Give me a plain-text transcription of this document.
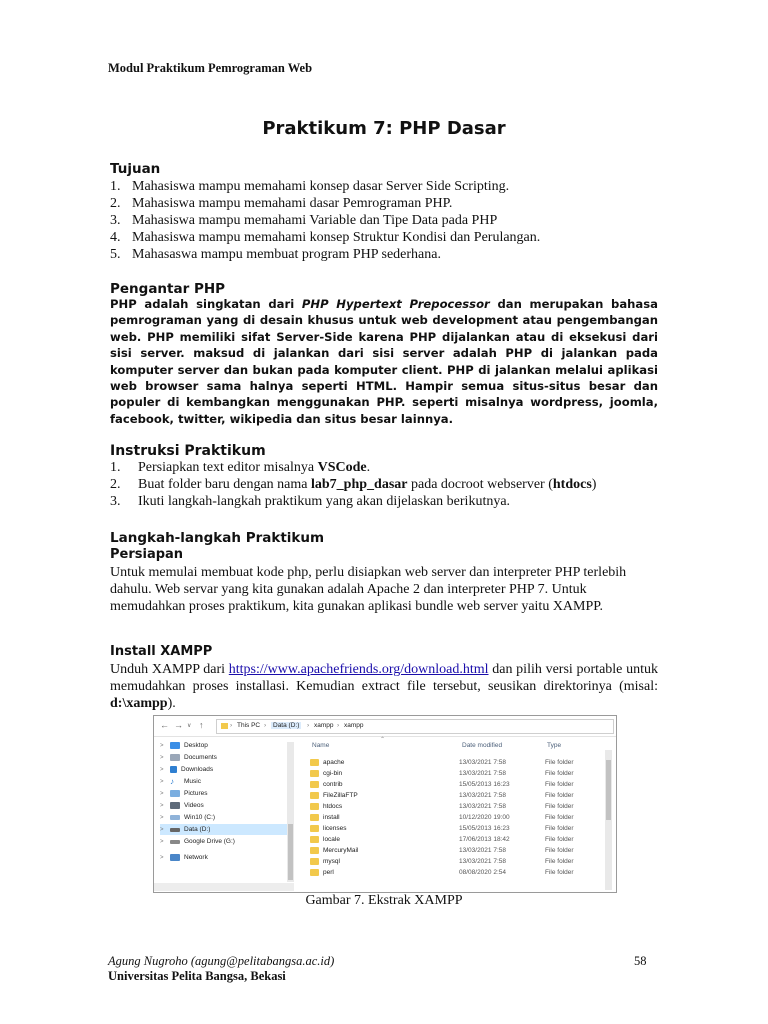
Modul Praktikum Pemrograman Web
Praktikum 7: PHP Dasar
Tujuan
1. Mahasiswa mampu memahami konsep dasar Server Side Scripting.
2. Mahasiswa mampu memahami dasar Pemrograman PHP.
3. Mahasiswa mampu memahami Variable dan Tipe Data pada PHP
4. Mahasiswa mampu memahami konsep Struktur Kondisi dan Perulangan.
5. Mahasaswa mampu membuat program PHP sederhana.
Pengantar PHP
PHP adalah singkatan dari PHP Hypertext Prepocessor dan merupakan bahasa pemrograman yang di desain khusus untuk web development atau pengembangan web. PHP memiliki sifat Server-Side karena PHP dijalankan atau di eksekusi dari sisi server. maksud di jalankan dari sisi server adalah PHP di jalankan pada komputer server dan bukan pada komputer client. PHP di jalankan melalui aplikasi web browser sama halnya seperti HTML. Hampir semua situs-situs besar dan populer di kembangkan menggunakan PHP. seperti misalnya wordpress, joomla, facebook, twitter, wikipedia dan situs besar lainnya.
Instruksi Praktikum
1.	Persiapkan text editor misalnya VSCode.
2.	Buat folder baru dengan nama lab7_php_dasar pada docroot webserver (htdocs)
3.	Ikuti langkah-langkah praktikum yang akan dijelaskan berikutnya.
Langkah-langkah Praktikum
Persiapan
Untuk memulai membuat kode php, perlu disiapkan web server dan interpreter PHP terlebih dahulu. Web servar yang kita gunakan adalah Apache 2 dan interpreter PHP 7. Untuk memudahkan proses praktikum, kita gunakan aplikasi bundle web server yaitu XAMPP.
Install XAMPP
Unduh XAMPP dari https://www.apachefriends.org/download.html dan pilih versi portable untuk memudahkan proses installasi. Kemudian extract file tersebut, seusikan direktorinya (misal: d:\xampp).
← → ∨ ↑	› This PC ›	Data (D:)	› xampp › xampp
>	Desktop
>	Documents
>	Downloads
> ♪	Music
>	Pictures
>	Videos
>	Win10 (C:)
>	Data (D:)
>	Google Drive (G:)
>	Network
⌃
Name	Date modified	Type
apache	13/03/2021 7:58	File folder
cgi-bin	13/03/2021 7:58	File folder
contrib	15/05/2013 16:23	File folder
FileZillaFTP	13/03/2021 7:58	File folder
htdocs	13/03/2021 7:58	File folder
install	10/12/2020 19:00	File folder
licenses	15/05/2013 16:23	File folder
locale	17/06/2013 18:42	File folder
MercuryMail	13/03/2021 7:58	File folder
mysql	13/03/2021 7:58	File folder
perl	08/08/2020 2:54	File folder
Gambar 7. Ekstrak XAMPP
Agung Nugroho (agung@pelitabangsa.ac.id)
Universitas Pelita Bangsa, Bekasi
58
